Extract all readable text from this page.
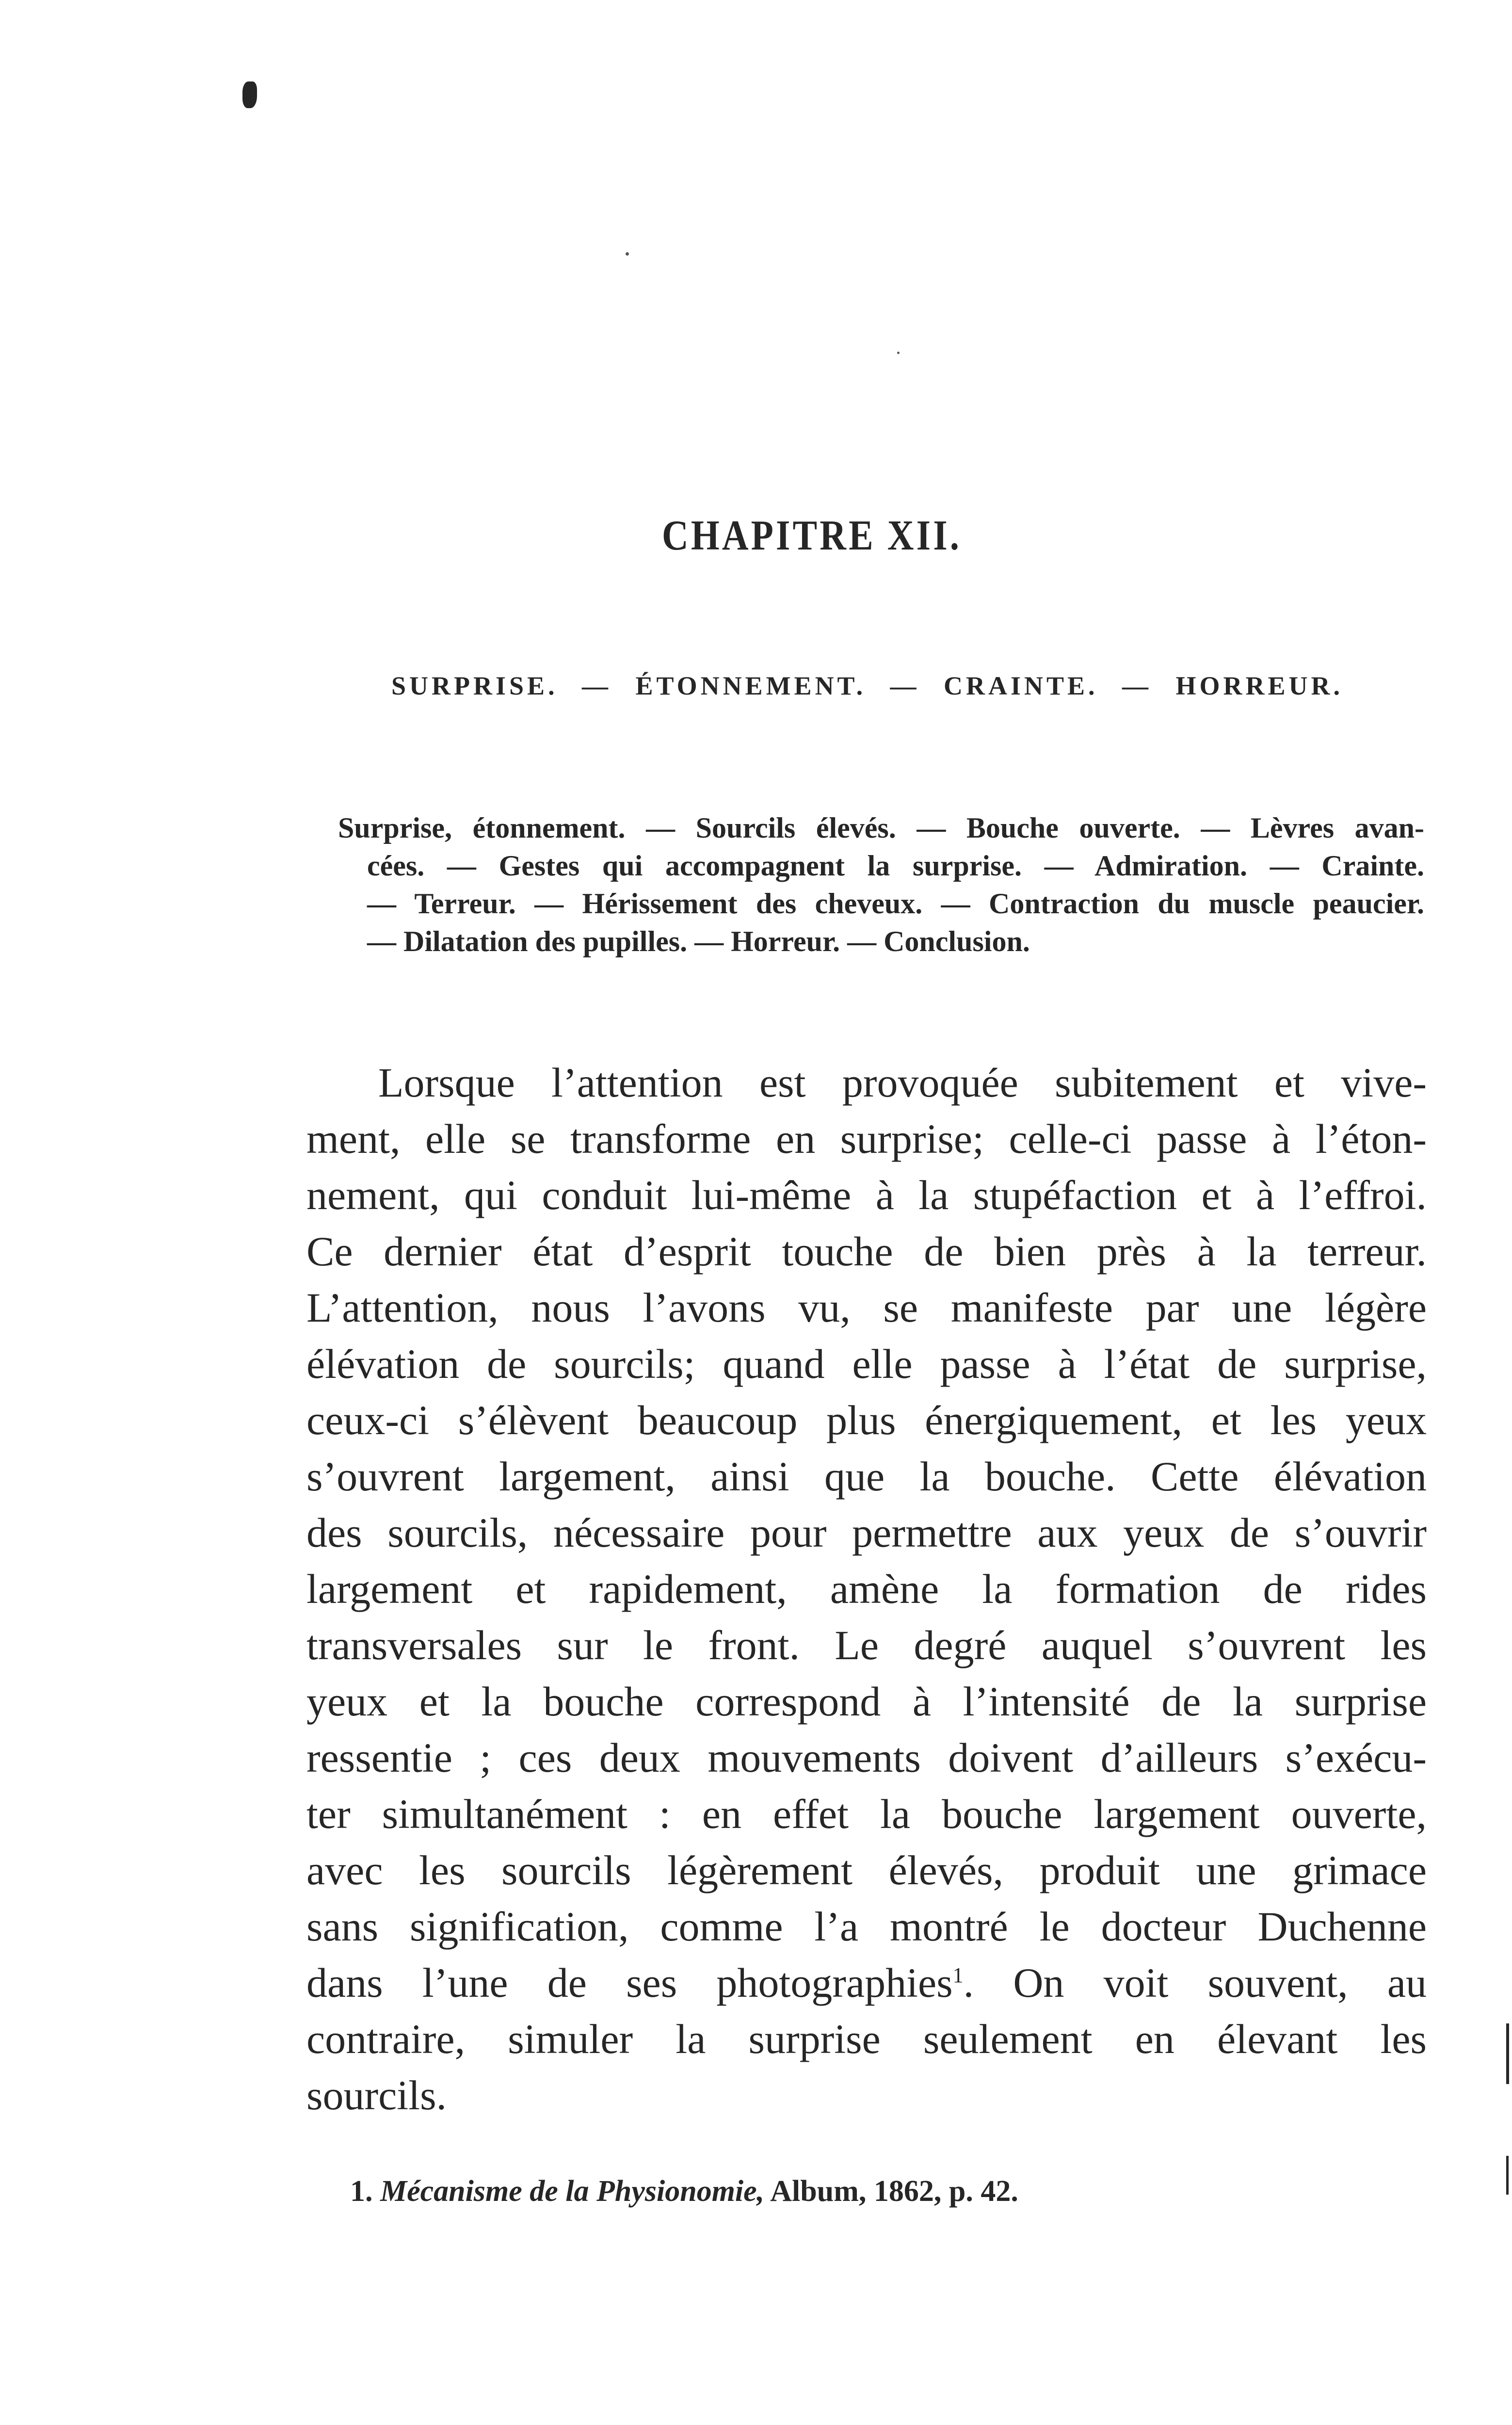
CHAPITRE XII.
SURPRISE. — ÉTONNEMENT. — CRAINTE. — HORREUR.
Surprise, étonnement. — Sourcils élevés. — Bouche ouverte. — Lèvres avan-
cées. — Gestes qui accompagnent la surprise. — Admiration. — Crainte.
— Terreur. — Hérissement des cheveux. — Contraction du muscle peaucier.
— Dilatation des pupilles. — Horreur. — Conclusion.
Lorsque l’attention est provoquée subitement et vive-
ment, elle se transforme en surprise; celle-ci passe à l’éton-
nement, qui conduit lui-même à la stupéfaction et à l’effroi.
Ce dernier état d’esprit touche de bien près à la terreur.
L’attention, nous l’avons vu, se manifeste par une légère
élévation de sourcils; quand elle passe à l’état de surprise,
ceux-ci s’élèvent beaucoup plus énergiquement, et les yeux
s’ouvrent largement, ainsi que la bouche. Cette élévation
des sourcils, nécessaire pour permettre aux yeux de s’ouvrir
largement et rapidement, amène la formation de rides
transversales sur le front. Le degré auquel s’ouvrent les
yeux et la bouche correspond à l’intensité de la surprise
ressentie ; ces deux mouvements doivent d’ailleurs s’exécu-
ter simultanément : en effet la bouche largement ouverte,
avec les sourcils légèrement élevés, produit une grimace
sans signification, comme l’a montré le docteur Duchenne
dans l’une de ses photographies$^1$. On voit souvent, au
contraire, simuler la surprise seulement en élevant les
sourcils.
1. Mécanisme de la Physionomie, Album, 1862, p. 42.
